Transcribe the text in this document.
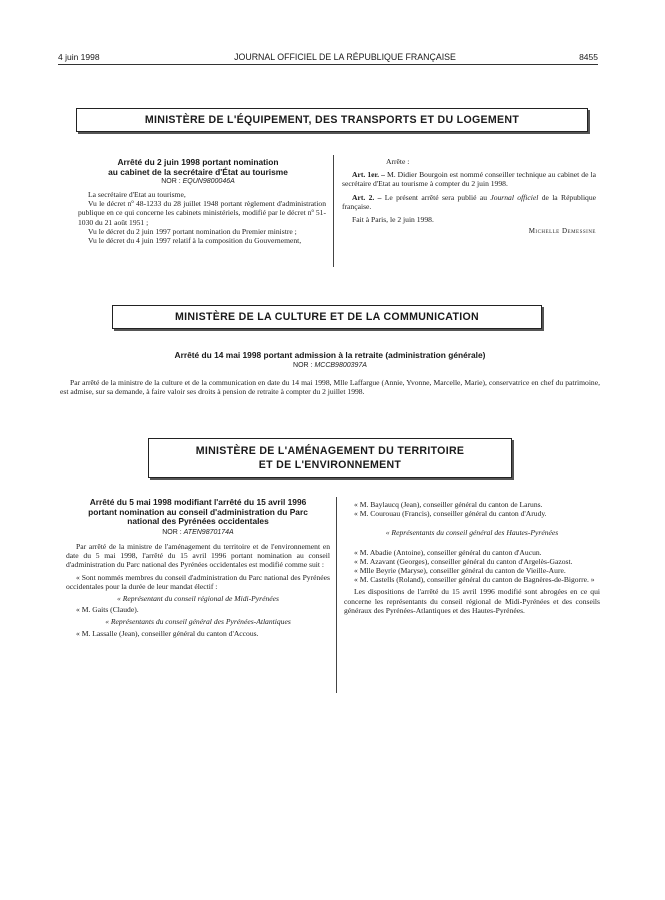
4 juin 1998	JOURNAL OFFICIEL DE LA RÉPUBLIQUE FRANÇAISE	8455
MINISTÈRE DE L'ÉQUIPEMENT, DES TRANSPORTS ET DU LOGEMENT
Arrêté du 2 juin 1998 portant nomination
au cabinet de la secrétaire d'État au tourisme
NOR : EQUN9800046A

La secrétaire d'Etat au tourisme,

Vu le décret nº 48-1233 du 28 juillet 1948 portant règlement d'administration publique en ce qui concerne les cabinets ministériels, modifié par le décret nº 51-1030 du 21 août 1951 ;

Vu le décret du 2 juin 1997 portant nomination du Premier ministre ;

Vu le décret du 4 juin 1997 relatif à la composition du Gouvernement,

Arrête :

Art. 1er. – M. Didier Bourgoin est nommé conseiller technique au cabinet de la secrétaire d'Etat au tourisme à compter du 2 juin 1998.

Art. 2. – Le présent arrêté sera publié au Journal officiel de la République française.

Fait à Paris, le 2 juin 1998.

Michelle Demessine

MINISTÈRE DE LA CULTURE ET DE LA COMMUNICATION
Arrêté du 14 mai 1998 portant admission à la retraite (administration générale)
NOR : MCCB9800397A

Par arrêté de la ministre de la culture et de la communication en date du 14 mai 1998, Mlle Laffargue (Annie, Yvonne, Marcelle, Marie), conservatrice en chef du patrimoine, est admise, sur sa demande, à faire valoir ses droits à pension de retraite à compter du 2 juillet 1998.

MINISTÈRE DE L'AMÉNAGEMENT DU TERRITOIRE
ET DE L'ENVIRONNEMENT
Arrêté du 5 mai 1998 modifiant l'arrêté du 15 avril 1996
portant nomination au conseil d'administration du Parc
national des Pyrénées occidentales
NOR : ATEN9870174A

Par arrêté de la ministre de l'aménagement du territoire et de l'environnement en date du 5 mai 1998, l'arrêté du 15 avril 1996 portant nomination au conseil d'administration du Parc national des Pyrénées occidentales est modifié comme suit :

« Sont nommés membres du conseil d'administration du Parc national des Pyrénées occidentales pour la durée de leur mandat électif :

« Représentant du conseil régional de Midi-Pyrénées

« M. Gaits (Claude).

« Représentants du conseil général des Pyrénées-Atlantiques

« M. Lassalle (Jean), conseiller général du canton d'Accous.

« M. Baylaucq (Jean), conseiller général du canton de Laruns.

« M. Courouau (Francis), conseiller général du canton d'Arudy.

« Représentants du conseil général des Hautes-Pyrénées

« M. Abadie (Antoine), conseiller général du canton d'Aucun.

« M. Azavant (Georges), conseiller général du canton d'Argelès-Gazost.

« Mlle Beyrie (Maryse), conseiller général du canton de Vieille-Aure.

« M. Castells (Roland), conseiller général du canton de Bagnères-de-Bigorre. »

Les dispositions de l'arrêté du 15 avril 1996 modifié sont abrogées en ce qui concerne les représentants du conseil régional de Midi-Pyrénées et des conseils généraux des Pyrénées-Atlantiques et des Hautes-Pyrénées.
